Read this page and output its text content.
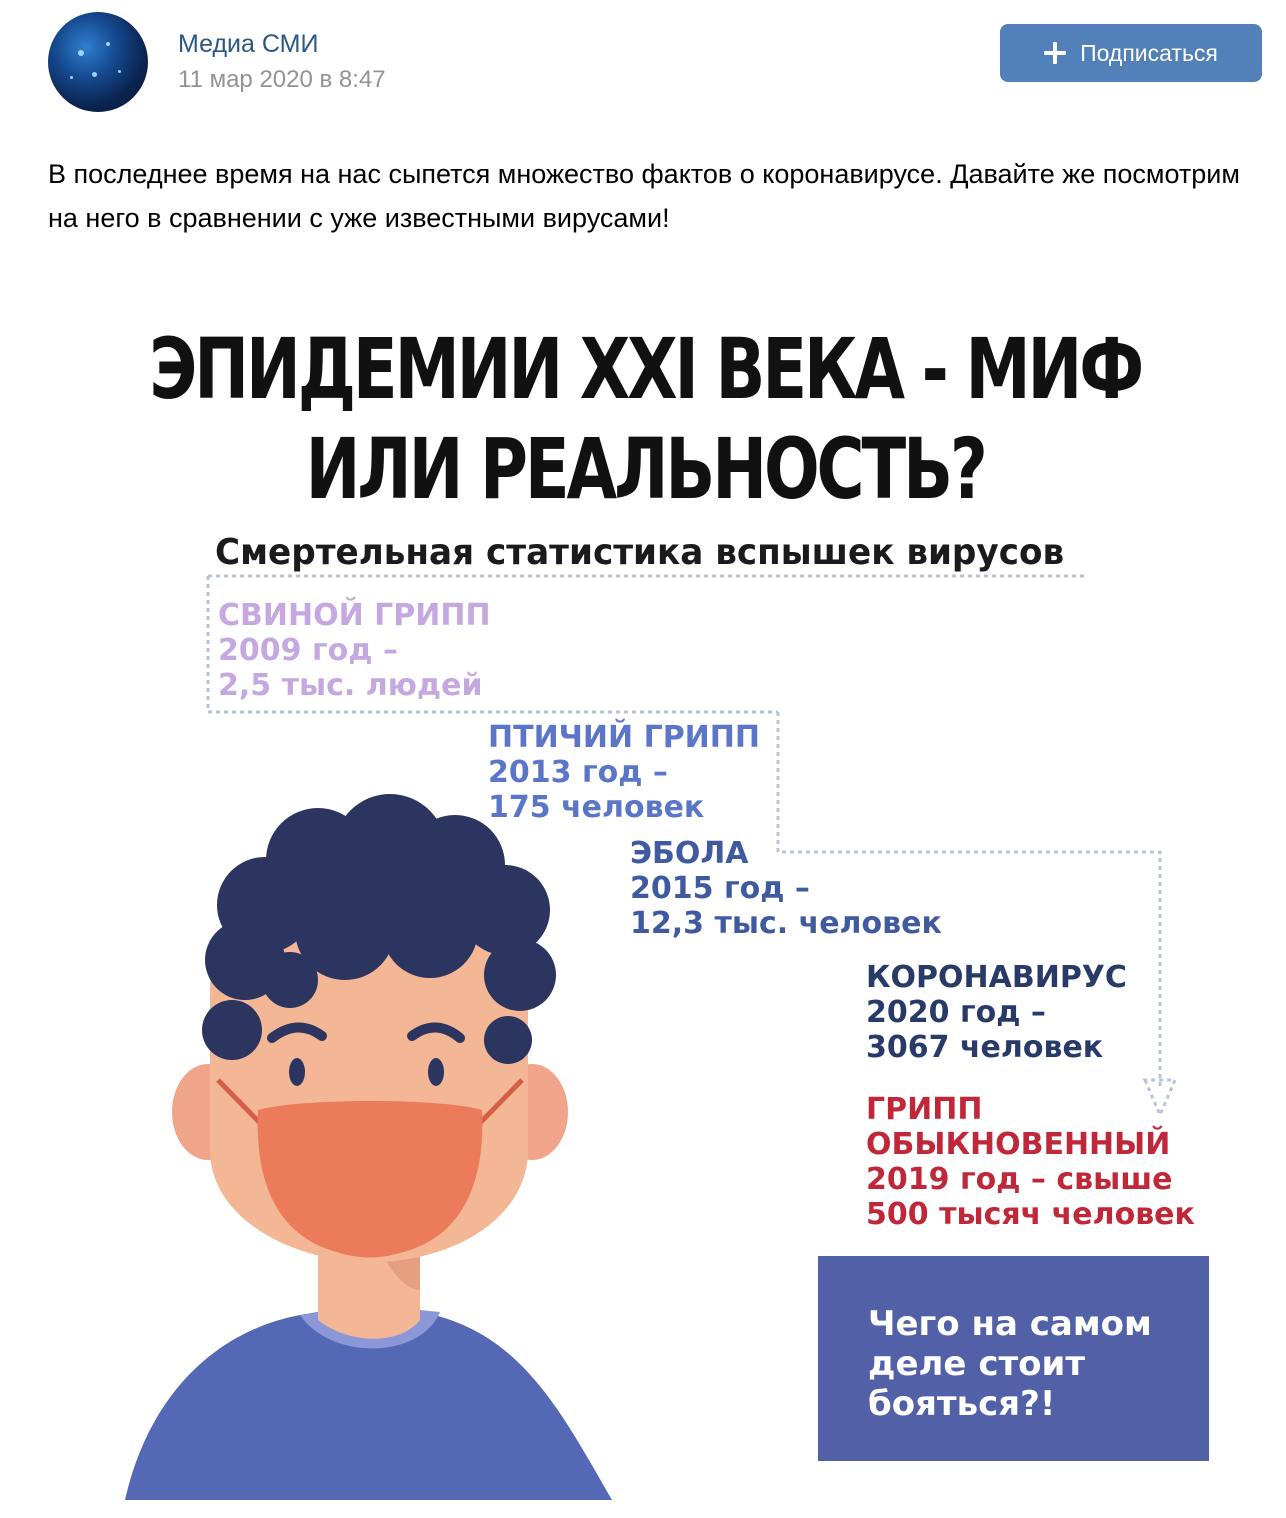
Медиа СМИ
11 мар 2020 в 8:47
Подписаться
В последнее время на нас сыпется множество фактов о коронавирусе. Давайте же посмотрим на него в сравнении с уже известными вирусами!
ЭПИДЕМИИ XXI ВЕКА - МИФ
ИЛИ РЕАЛЬНОСТЬ?
Смертельная статистика вспышек вирусов
СВИНОЙ ГРИПП
2009 год –
2,5 тыс. людей
ПТИЧИЙ ГРИПП
2013 год –
175 человек
ЭБОЛА
2015 год –
12,3 тыс. человек
КОРОНАВИРУС
2020 год –
3067 человек
ГРИПП
ОБЫКНОВЕННЫЙ
2019 год – свыше
500 тысяч человек
Чего на самом деле стоит бояться?!
